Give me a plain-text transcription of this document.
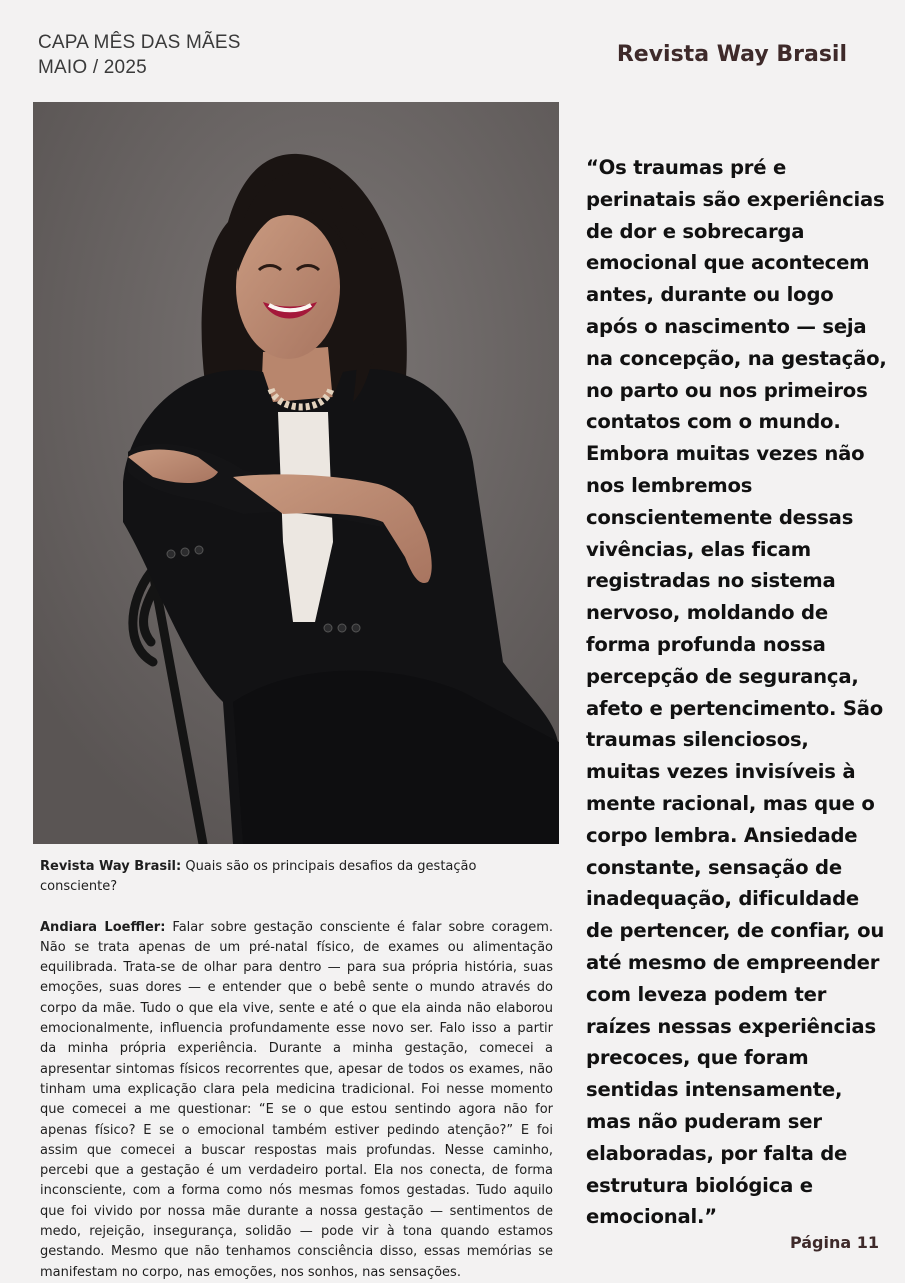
CAPA MÊS DAS MÃES
MAIO / 2025
Revista Way Brasil

Revista Way Brasil: Quais são os principais desafios da gestação consciente?

Andiara Loeffler: Falar sobre gestação consciente é falar sobre coragem. Não se trata apenas de um pré-natal físico, de exames ou alimentação equilibrada. Trata-se de olhar para dentro — para sua própria história, suas emoções, suas dores — e entender que o bebê sente o mundo através do corpo da mãe. Tudo o que ela vive, sente e até o que ela ainda não elaborou emocionalmente, influencia profundamente esse novo ser. Falo isso a partir da minha própria experiência. Durante a minha gestação, comecei a apresentar sintomas físicos recorrentes que, apesar de todos os exames, não tinham uma explicação clara pela medicina tradicional. Foi nesse momento que comecei a me questionar: “E se o que estou sentindo agora não for apenas físico? E se o emocional também estiver pedindo atenção?” E foi assim que comecei a buscar respostas mais profundas. Nesse caminho, percebi que a gestação é um verdadeiro portal. Ela nos conecta, de forma inconsciente, com a forma como nós mesmas fomos gestadas. Tudo aquilo que foi vivido por nossa mãe durante a nossa gestação — sentimentos de medo, rejeição, insegurança, solidão — pode vir à tona quando estamos gestando. Mesmo que não tenhamos consciência disso, essas memórias se manifestam no corpo, nas emoções, nos sonhos, nas sensações.

“Os traumas pré e perinatais são experiências de dor e sobrecarga emocional que acontecem antes, durante ou logo após o nascimento — seja na concepção, na gestação, no parto ou nos primeiros contatos com o mundo. Embora muitas vezes não nos lembremos conscientemente dessas vivências, elas ficam registradas no sistema nervoso, moldando de forma profunda nossa percepção de segurança, afeto e pertencimento. São traumas silenciosos, muitas vezes invisíveis à mente racional, mas que o corpo lembra. Ansiedade constante, sensação de inadequação, dificuldade de pertencer, de confiar, ou até mesmo de empreender com leveza podem ter raízes nessas experiências precoces, que foram sentidas intensamente, mas não puderam ser elaboradas, por falta de estrutura biológica e emocional.”
Página 11
